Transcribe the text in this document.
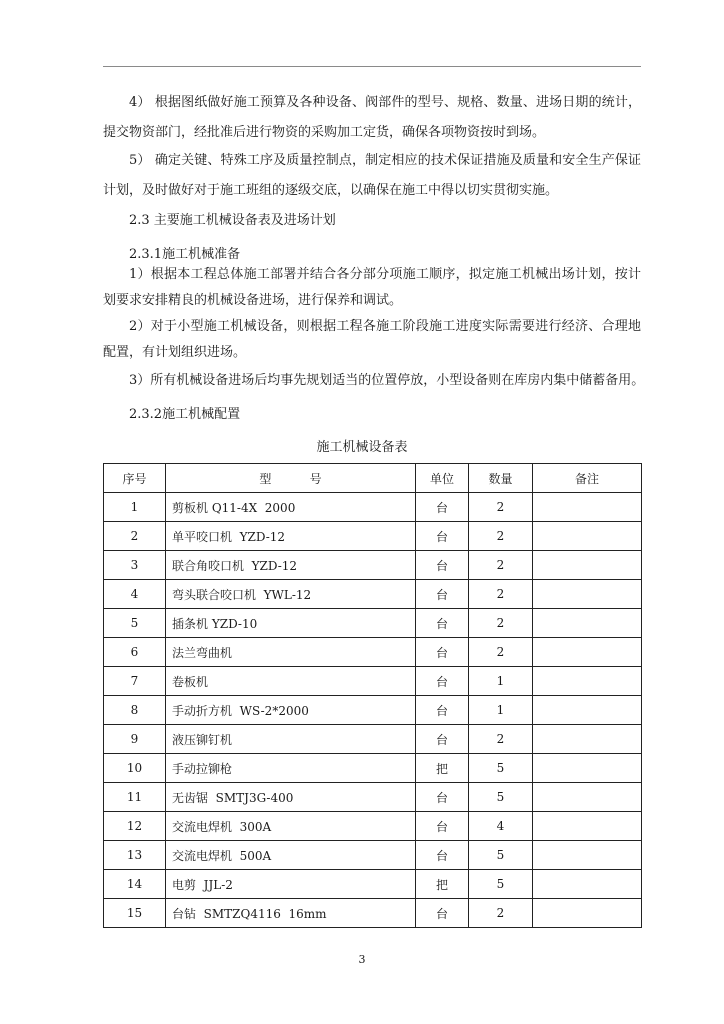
4） 根据图纸做好施工预算及各种设备、阀部件的型号、规格、数量、进场日期的统计，提交物资部门，经批准后进行物资的采购加工定货，确保各项物资按时到场。

5） 确定关键、特殊工序及质量控制点，制定相应的技术保证措施及质量和安全生产保证计划，及时做好对于施工班组的逐级交底，以确保在施工中得以切实贯彻实施。

2.3 主要施工机械设备表及进场计划

2.3.1施工机械准备

1）根据本工程总体施工部署并结合各分部分项施工顺序，拟定施工机械出场计划，按计划要求安排精良的机械设备进场，进行保养和调试。

2）对于小型施工机械设备，则根据工程各施工阶段施工进度实际需要进行经济、合理地配置，有计划组织进场。

3）所有机械设备进场后均事先规划适当的位置停放，小型设备则在库房内集中储蓄备用。

2.3.2施工机械配置

施工机械设备表

序号	型          号	单位	数量	备注
1	剪板机 Q11-4X  2000	台	2	
2	单平咬口机  YZD-12	台	2	
3	联合角咬口机  YZD-12	台	2	
4	弯头联合咬口机  YWL-12	台	2	
5	插条机 YZD-10	台	2	
6	法兰弯曲机	台	2	
7	卷板机	台	1	
8	手动折方机  WS-2*2000	台	1	
9	液压铆钉机	台	2	
10	手动拉铆枪	把	5	
11	无齿锯  SMTJ3G-400	台	5	
12	交流电焊机  300A	台	4	
13	交流电焊机  500A	台	5	
14	电剪  JJL-2	把	5	
15	台钻  SMTZQ4116  16mm	台	2	

3
